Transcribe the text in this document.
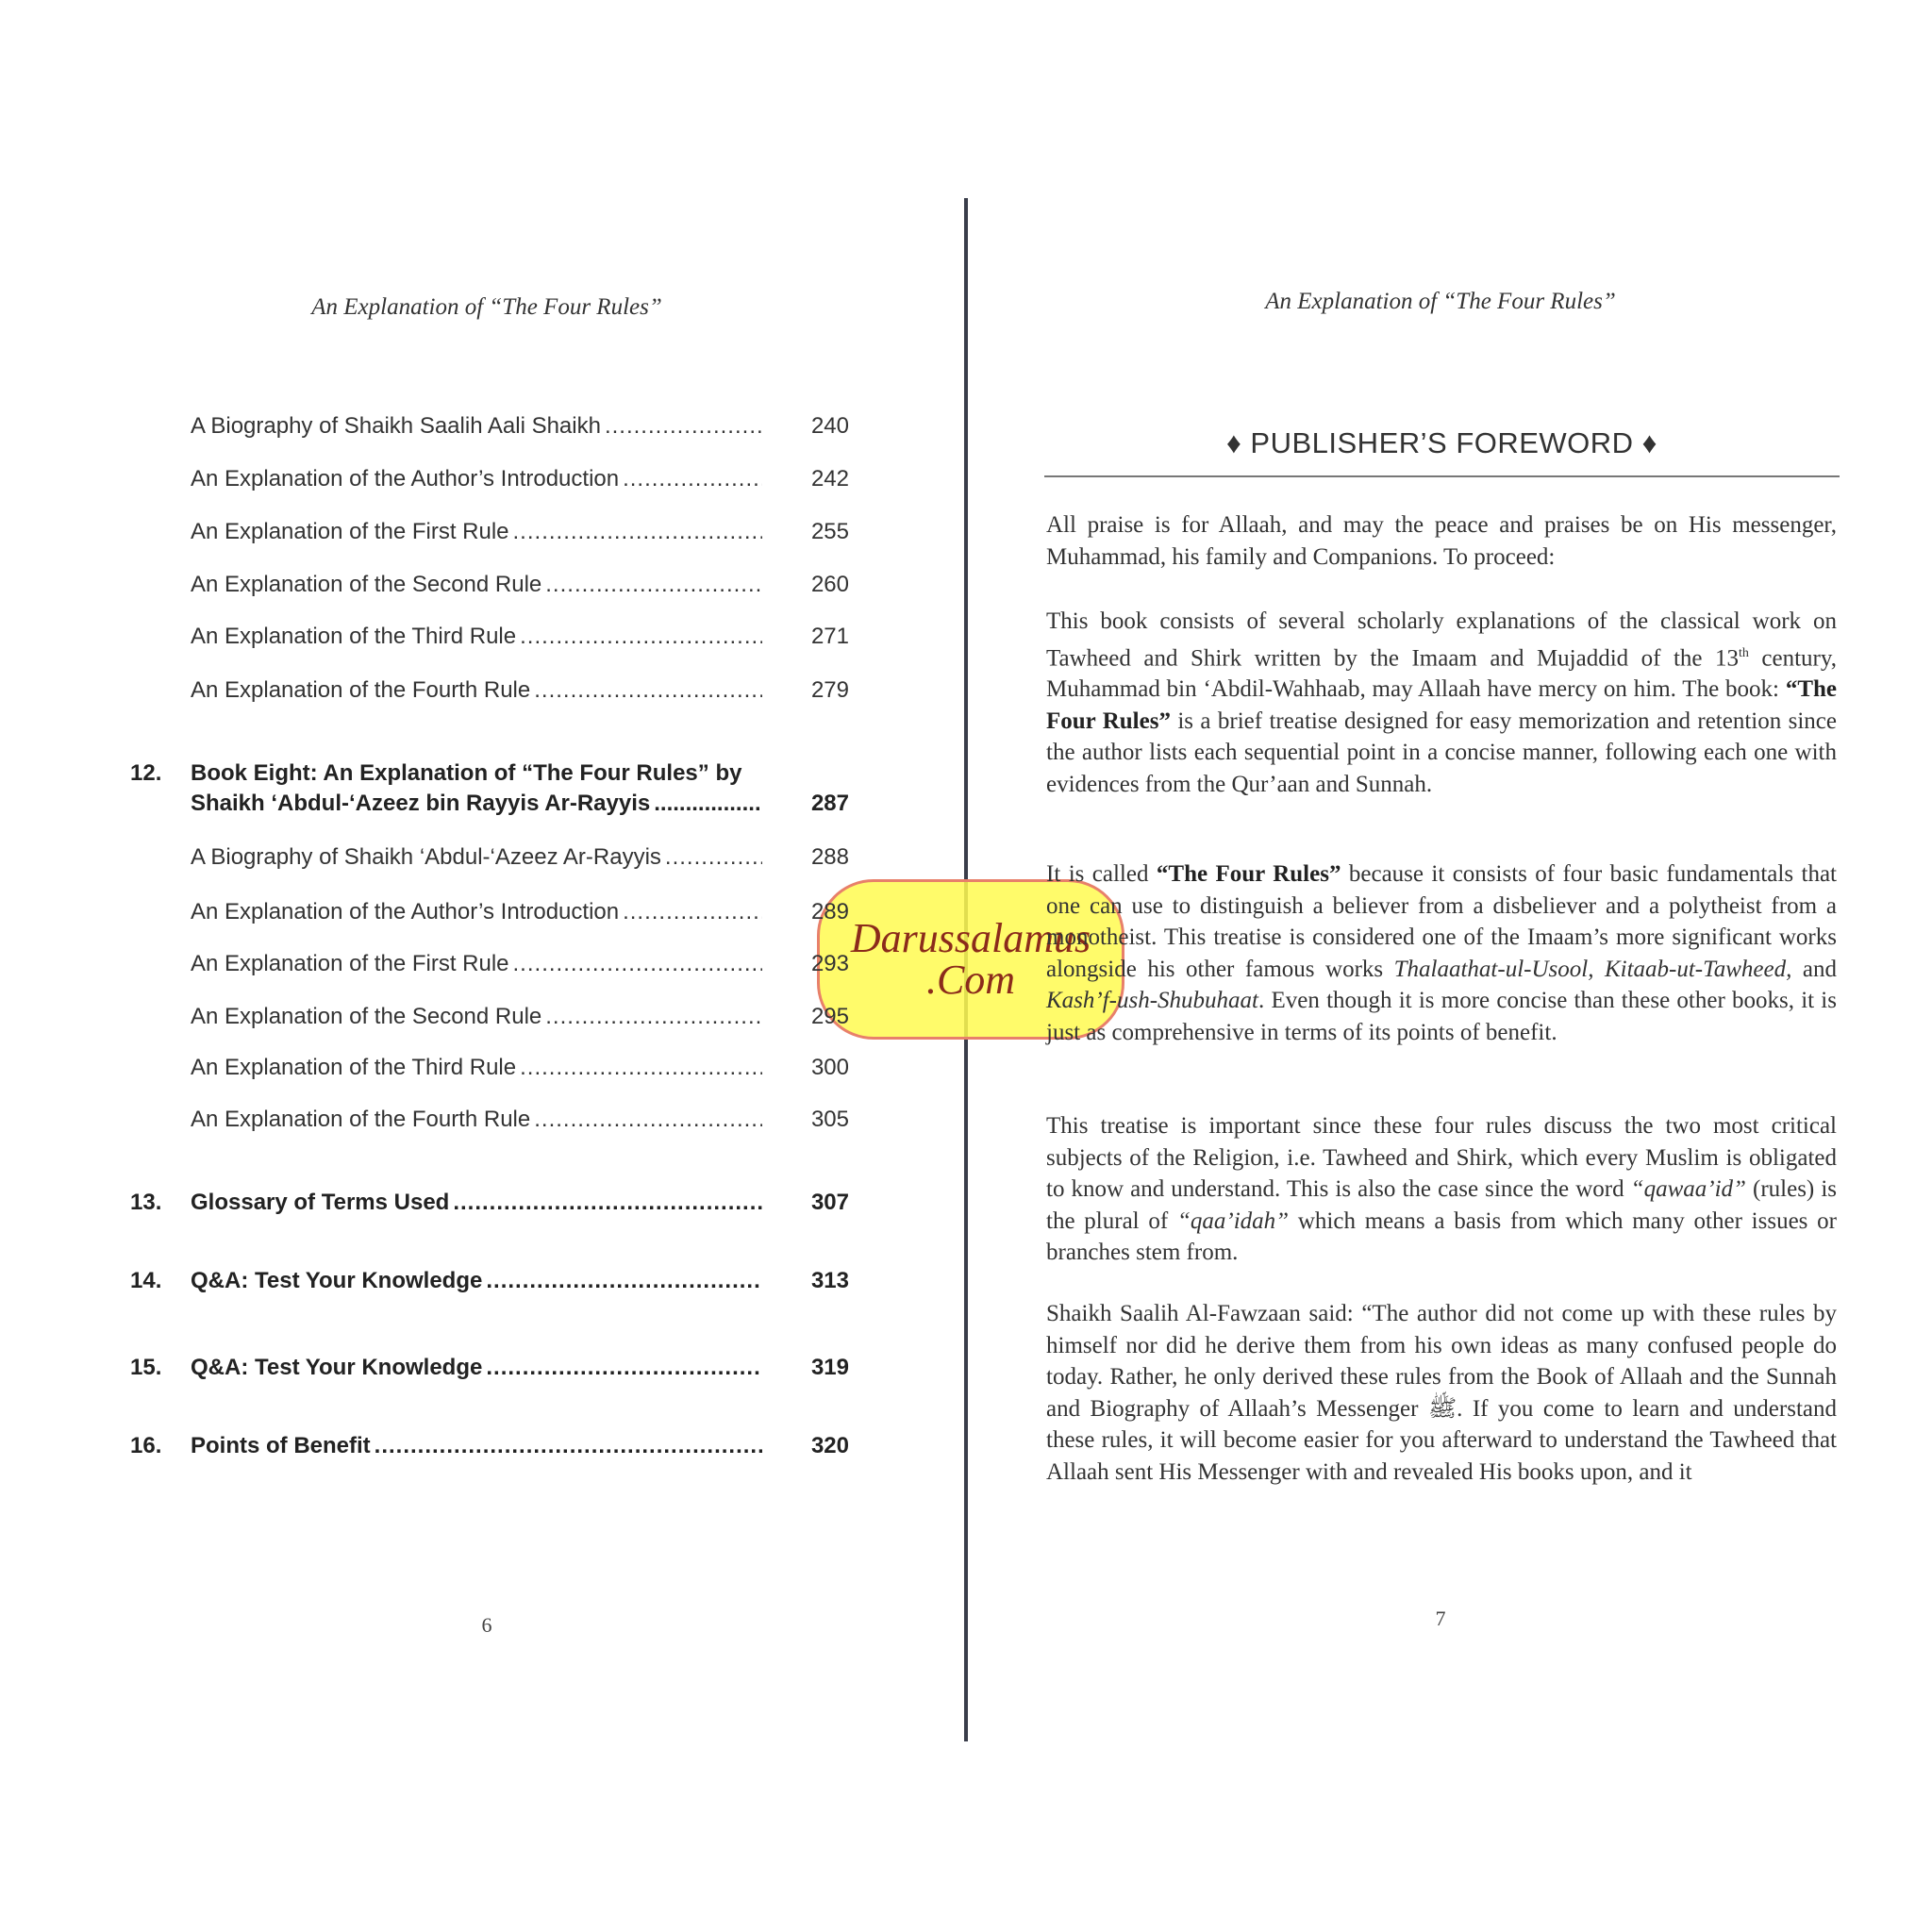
Darussalamus
.Com
An Explanation of “The Four Rules”
A Biography of Shaikh Saalih Aali Shaikh .....	240
An Explanation of the Author’s Introduction .....	242
An Explanation of the First Rule .....	255
An Explanation of the Second Rule .....	260
An Explanation of the Third Rule .....	271
An Explanation of the Fourth Rule .....	279
12. Book Eight: An Explanation of “The Four Rules” by
Shaikh ‘Abdul-‘Azeez bin Rayyis Ar-Rayyis .....	287
A Biography of Shaikh ‘Abdul-‘Azeez Ar-Rayyis .....	288
An Explanation of the Author’s Introduction .....	289
An Explanation of the First Rule .....	293
An Explanation of the Second Rule .....	295
An Explanation of the Third Rule .....	300
An Explanation of the Fourth Rule .....	305
13.	Glossary of Terms Used .....	307
14.	Q&A: Test Your Knowledge .....	313
15.	Q&A: Test Your Knowledge .....	319
16.	Points of Benefit .....	320
6
An Explanation of “The Four Rules”
♦ PUBLISHER’S FOREWORD ♦
All praise is for Allaah, and may the peace and praises be on His messenger, Muhammad, his family and Companions. To proceed:
This book consists of several scholarly explanations of the classical work on Tawheed and Shirk written by the Imaam and Mujaddid of the 13th century, Muhammad bin ‘Abdil-Wahhaab, may Allaah have mercy on him. The book: “The Four Rules” is a brief treatise designed for easy memorization and retention since the author lists each sequential point in a concise manner, following each one with evidences from the Qur’aan and Sunnah.
It is called “The Four Rules” because it consists of four basic fundamentals that one can use to distinguish a believer from a disbeliever and a polytheist from a monotheist. This treatise is considered one of the Imaam’s more significant works alongside his other famous works Thalaathat-ul-Usool, Kitaab-ut-Tawheed, and Kash’f-ush-Shubuhaat. Even though it is more concise than these other books, it is just as comprehensive in terms of its points of benefit.
This treatise is important since these four rules discuss the two most critical subjects of the Religion, i.e. Tawheed and Shirk, which every Muslim is obligated to know and understand. This is also the case since the word “qawaa’id” (rules) is the plural of “qaa’idah” which means a basis from which many other issues or branches stem from.
Shaikh Saalih Al-Fawzaan said: “The author did not come up with these rules by himself nor did he derive them from his own ideas as many confused people do today. Rather, he only derived these rules from the Book of Allaah and the Sunnah and Biography of Allaah’s Messenger ﷺ. If you come to learn and understand these rules, it will become easier for you afterward to understand the Tawheed that Allaah sent His Messenger with and revealed His books upon, and it
7
